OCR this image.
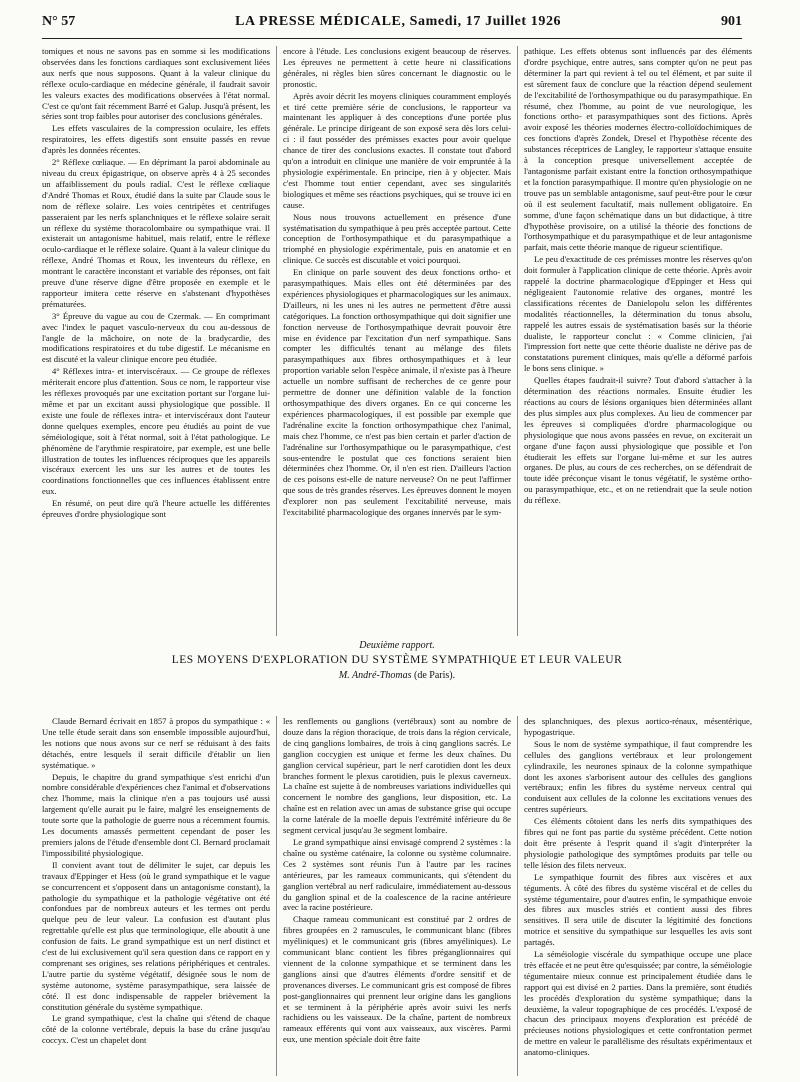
N° 57	LA PRESSE MÉDICALE, Samedi, 17 Juillet 1926	901

tomiques et nous ne savons pas en somme si les modifications observées dans les fonctions cardiaques sont exclusivement liées aux nerfs que nous supposons. Quant à la valeur clinique du réflexe oculo-cardiaque en médecine générale, il faudrait savoir les valeurs exactes des modifications observées à l'état normal. C'est ce qu'ont fait récemment Barré et Galup. Jusqu'à présent, les séries sont trop faibles pour autoriser des conclusions générales.

Les effets vasculaires de la compression oculaire, les effets respiratoires, les effets digestifs sont ensuite passés en revue d'après les données récentes.

2° Réflexe cœliaque. — En déprimant la paroi abdominale au niveau du creux épigastrique, on observe après 4 à 25 secondes un affaiblissement du pouls radial. C'est le réflexe cœliaque d'André Thomas et Roux, étudié dans la suite par Claude sous le nom de réflexe solaire. Les voies centripètes et centrifuges passeraient par les nerfs splanchniques et le réflexe solaire serait un réflexe du système thoracolombaire ou sympathique vrai. Il existerait un antagonisme habituel, mais relatif, entre le réflexe oculo-cardiaque et le réflexe solaire. Quant à la valeur clinique du réflexe, André Thomas et Roux, les inventeurs du réflexe, en montrant le caractère inconstant et variable des réponses, ont fait preuve d'une réserve digne d'être proposée en exemple et le rapporteur imitera cette réserve en s'abstenant d'hypothèses prématurées.

3° Épreuve du vague au cou de Czermak. — En comprimant avec l'index le paquet vasculo-nerveux du cou au-dessous de l'angle de la mâchoire, on note de la bradycardie, des modifications respiratoires et du tube digestif. Le mécanisme en est discuté et la valeur clinique encore peu étudiée.

4° Réflexes intra- et interviscéraux. — Ce groupe de réflexes mériterait encore plus d'attention. Sous ce nom, le rapporteur vise les réflexes provoqués par une excitation portant sur l'organe lui-même et par un excitant aussi physiologique que possible. Il existe une foule de réflexes intra- et interviscéraux dont l'auteur donne quelques exemples, encore peu étudiés au point de vue séméiologique, soit à l'état normal, soit à l'état pathologique. Le phénomène de l'arythmie respiratoire, par exemple, est une belle illustration de toutes les influences réciproques que les appareils viscéraux exercent les uns sur les autres et de toutes les coordinations fonctionnelles que ces influences établissent entre eux.

En résumé, on peut dire qu'à l'heure actuelle les différentes épreuves d'ordre physiologique sont

encore à l'étude. Les conclusions exigent beaucoup de réserves. Les épreuves ne permettent à cette heure ni classifications générales, ni règles bien sûres concernant le diagnostic ou le pronostic.

Après avoir décrit les moyens cliniques couramment employés et tiré cette première série de conclusions, le rapporteur va maintenant les appliquer à des conceptions d'une portée plus générale. Le principe dirigeant de son exposé sera dès lors celui-ci : il faut posséder des prémisses exactes pour avoir quelque chance de tirer des conclusions exactes. Il constate tout d'abord qu'on a introduit en clinique une manière de voir empruntée à la physiologie expérimentale. En principe, rien à y objecter. Mais c'est l'homme tout entier cependant, avec ses singularités biologiques et même ses réactions psychiques, qui se trouve ici en cause.

Nous nous trouvons actuellement en présence d'une systématisation du sympathique à peu près acceptée partout. Cette conception de l'orthosympathique et du parasympathique a triomphé en physiologie expérimentale, puis en anatomie et en clinique. Ce succès est discutable et voici pourquoi.

En clinique on parle souvent des deux fonctions ortho- et parasympathiques. Mais elles ont été déterminées par des expériences physiologiques et pharmacologiques sur les animaux. D'ailleurs, ni les unes ni les autres ne permettent d'être aussi catégoriques. La fonction orthosympathique qui doit signifier une fonction nerveuse de l'orthosympathique devrait pouvoir être mise en évidence par l'excitation d'un nerf sympathique. Sans compter les difficultés tenant au mélange des filets parasympathiques aux fibres orthosympathiques et à leur proportion variable selon l'espèce animale, il n'existe pas à l'heure actuelle un nombre suffisant de recherches de ce genre pour permettre de donner une définition valable de la fonction orthosympathique des divers organes. En ce qui concerne les expériences pharmacologiques, il est possible par exemple que l'adrénaline excite la fonction orthosympathique chez l'animal, mais chez l'homme, ce n'est pas bien certain et parler d'action de l'adrénaline sur l'orthosympathique ou le parasympathique, c'est sous-entendre le postulat que ces fonctions seraient bien déterminées chez l'homme. Or, il n'en est rien. D'ailleurs l'action de ces poisons est-elle de nature nerveuse? On ne peut l'affirmer que sous de très grandes réserves. Les épreuves donnent le moyen d'explorer non pas seulement l'excitabilité nerveuse, mais l'excitabilité pharmacologique des organes innervés par le sym-

pathique. Les effets obtenus sont influencés par des éléments d'ordre psychique, entre autres, sans compter qu'on ne peut pas déterminer la part qui revient à tel ou tel élément, et par suite il est sûrement faux de conclure que la réaction dépend seulement de l'excitabilité de l'orthosympathique ou du parasympathique. En résumé, chez l'homme, au point de vue neurologique, les fonctions ortho- et parasympathiques sont des fictions. Après avoir exposé les théories modernes électro-colloïdochimiques de ces fonctions d'après Zondek, Dresel et l'hypothèse récente des substances réceptrices de Langley, le rapporteur s'attaque ensuite à la conception presque universellement acceptée de l'antagonisme parfait existant entre la fonction orthosympathique et la fonction parasympathique. Il montre qu'en physiologie on ne trouve pas un semblable antagonisme, sauf peut-être pour le cœur où il est seulement facultatif, mais nullement obligatoire. En somme, d'une façon schématique dans un but didactique, à titre d'hypothèse provisoire, on a utilisé la théorie des fonctions de l'orthosympathique et du parasympathique et de leur antagonisme parfait, mais cette théorie manque de rigueur scientifique.

Le peu d'exactitude de ces prémisses montre les réserves qu'on doit formuler à l'application clinique de cette théorie. Après avoir rappelé la doctrine pharmacologique d'Eppinger et Hess qui négligeaient l'autonomie relative des organes, montré les classifications récentes de Danielopolu selon les différentes modalités réactionnelles, la détermination du tonus absolu, rappelé les autres essais de systématisation basés sur la théorie dualiste, le rapporteur conclut : « Comme clinicien, j'ai l'impression fort nette que cette théorie dualiste ne dérive pas de constatations purement cliniques, mais qu'elle a déformé parfois le bons sens clinique. »

Quelles étapes faudrait-il suivre? Tout d'abord s'attacher à la détermination des réactions normales. Ensuite étudier les réactions au cours de lésions organiques bien déterminées allant des plus simples aux plus complexes. Au lieu de commencer par les épreuves si compliquées d'ordre pharmacologique ou physiologique que nous avons passées en revue, on exciterait un organe d'une façon aussi physiologique que possible et l'on étudierait les effets sur l'organe lui-même et sur les autres organes. De plus, au cours de ces recherches, on se défendrait de toute idée préconçue visant le tonus végétatif, le système ortho- ou parasympathique, etc., et on ne retiendrait que la seule notion du réflexe.

Deuxième rapport.
LES MOYENS D'EXPLORATION DU SYSTÈME SYMPATHIQUE ET LEUR VALEUR
M. André-Thomas (de Paris).

Claude Bernard écrivait en 1857 à propos du sympathique : « Une telle étude serait dans son ensemble impossible aujourd'hui, les notions que nous avons sur ce nerf se réduisant à des faits détachés, entre lesquels il serait difficile d'établir un lien systématique. »

Depuis, le chapitre du grand sympathique s'est enrichi d'un nombre considérable d'expériences chez l'animal et d'observations chez l'homme, mais la clinique n'en a pas toujours usé aussi largement qu'elle aurait pu le faire, malgré les enseignements de toute sorte que la pathologie de guerre nous a récemment fournis. Les documents amassés permettent cependant de poser les premiers jalons de l'étude d'ensemble dont Cl. Bernard proclamait l'impossibilité physiologique.

Il convient avant tout de délimiter le sujet, car depuis les travaux d'Eppinger et Hess (où le grand sympathique et le vague se concurrencent et s'opposent dans un antagonisme constant), la pathologie du sympathique et la pathologie végétative ont été confondues par de nombreux auteurs et les termes ont perdu quelque peu de leur valeur. La confusion est d'autant plus regrettable qu'elle est plus que terminologique, elle aboutit à une confusion de faits. Le grand sympathique est un nerf distinct et c'est de lui exclusivement qu'il sera question dans ce rapport en y comprenant ses origines, ses relations périphériques et centrales. L'autre partie du système végétatif, désignée sous le nom de système autonome, système parasympathique, sera laissée de côté. Il est donc indispensable de rappeler brièvement la constitution générale du système sympathique.

Le grand sympathique, c'est la chaîne qui s'étend de chaque côté de la colonne vertébrale, depuis la base du crâne jusqu'au coccyx. C'est un chapelet dont

les renflements ou ganglions (vertébraux) sont au nombre de douze dans la région thoracique, de trois dans la région cervicale, de cinq ganglions lombaires, de trois à cinq ganglions sacrés. Le ganglion coccygien est unique et ferme les deux chaînes. Du ganglion cervical supérieur, part le nerf carotidien dont les deux branches forment le plexus carotidien, puis le plexus caverneux. La chaîne est sujette à de nombreuses variations individuelles qui concernent le nombre des ganglions, leur disposition, etc. La chaîne est en relation avec un amas de substance grise qui occupe la corne latérale de la moelle depuis l'extrémité inférieure du 8e segment cervical jusqu'au 3e segment lombaire.

Le grand sympathique ainsi envisagé comprend 2 systèmes : la chaîne ou système caténaire, la colonne ou système columnaire. Ces 2 systèmes sont réunis l'un à l'autre par les racines antérieures, par les rameaux communicants, qui s'étendent du ganglion vertébral au nerf radiculaire, immédiatement au-dessous du ganglion spinal et de la coalescence de la racine antérieure avec la racine postérieure.

Chaque rameau communicant est constitué par 2 ordres de fibres groupées en 2 ramuscules, le communicant blanc (fibres myéliniques) et le communicant gris (fibres amyéliniques). Le communicant blanc contient les fibres préganglionnaires qui viennent de la colonne sympathique et se terminent dans les ganglions ainsi que d'autres éléments d'ordre sensitif et de provenances diverses. Le communicant gris est composé de fibres post-ganglionnaires qui prennent leur origine dans les ganglions et se terminent à la périphérie après avoir suivi les nerfs rachidiens ou les vaisseaux. De la chaîne, partent de nombreux rameaux efférents qui vont aux vaisseaux, aux viscères. Parmi eux, une mention spéciale doit être faite

des splanchniques, des plexus aortico-rénaux, mésentérique, hypogastrique.

Sous le nom de système sympathique, il faut comprendre les cellules des ganglions vertébraux et leur prolongement cylindraxile, les neurones spinaux de la colonne sympathique dont les axones s'arborisent autour des cellules des ganglions vertébraux; enfin les fibres du système nerveux central qui conduisent aux cellules de la colonne les excitations venues des centres supérieurs.

Ces éléments côtoient dans les nerfs dits sympathiques des fibres qui ne font pas partie du système précédent. Cette notion doit être présente à l'esprit quand il s'agit d'interpréter la physiologie pathologique des symptômes produits par telle ou telle lésion des filets nerveux.

Le sympathique fournit des fibres aux viscères et aux téguments. À côté des fibres du système viscéral et de celles du système tégumentaire, pour d'autres enfin, le sympathique envoie des fibres aux muscles striés et contient aussi des fibres sensitives. Il sera utile de discuter la légitimité des fonctions motrice et sensitive du sympathique sur lesquelles les avis sont partagés.

La séméiologie viscérale du sympathique occupe une place très effacée et ne peut être qu'esquissée; par contre, la séméiologie tégumentaire mieux connue est principalement étudiée dans le rapport qui est divisé en 2 parties. Dans la première, sont étudiés les procédés d'exploration du système sympathique; dans la deuxième, la valeur topographique de ces procédés. L'exposé de chacun des principaux moyens d'exploration est précédé de précieuses notions physiologiques et cette confrontation permet de mettre en valeur le parallélisme des résultats expérimentaux et anatomo-cliniques.
